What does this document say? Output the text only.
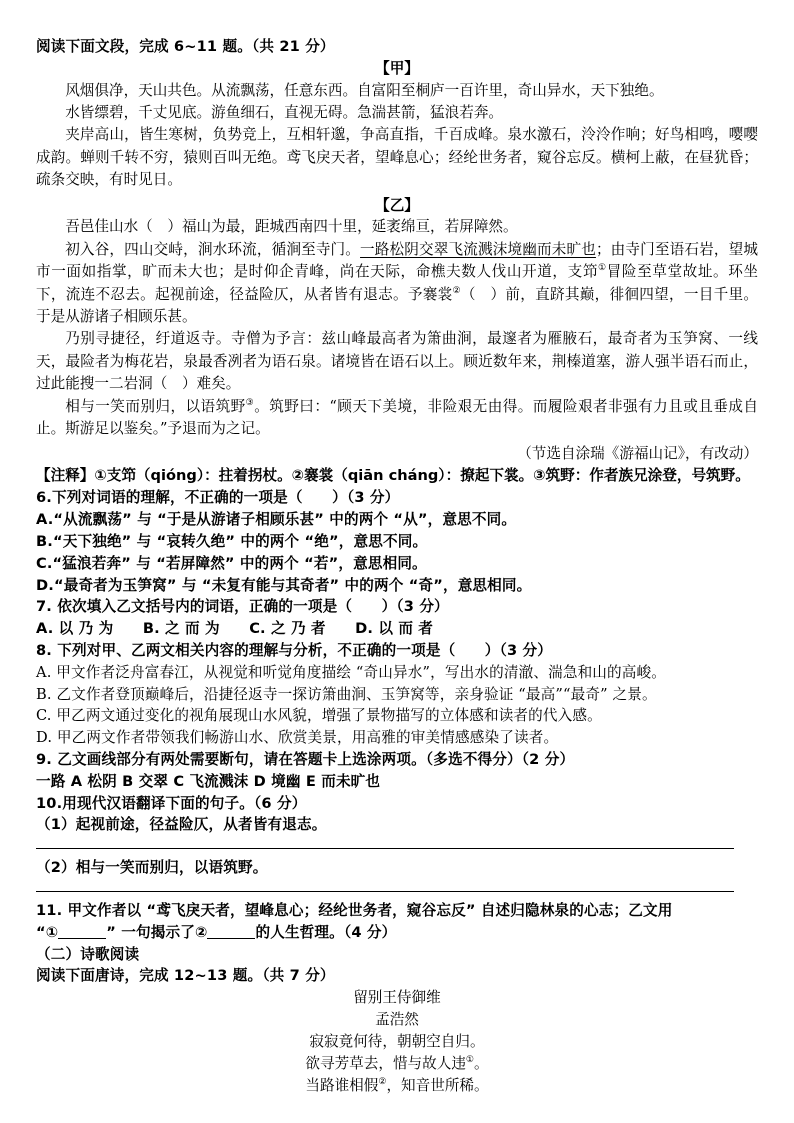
阅读下面文段，完成 6~11 题。（共 21 分）

【甲】

风烟俱净，天山共色。从流飘荡，任意东西。自富阳至桐庐一百许里，奇山异水，天下独绝。

水皆缥碧，千丈见底。游鱼细石，直视无碍。急湍甚箭，猛浪若奔。

夹岸高山，皆生寒树，负势竞上，互相轩邈，争高直指，千百成峰。泉水激石，泠泠作响；好鸟相鸣，嘤嘤成韵。蝉则千转不穷，猿则百叫无绝。鸢飞戾天者，望峰息心；经纶世务者，窥谷忘反。横柯上蔽，在昼犹昏；疏条交映，有时见日。

【乙】

吾邑佳山水（　）福山为最，距城西南四十里，延袤绵亘，若屏障然。

初入谷，四山交峙，涧水环流，循涧至寺门。一路松阴交翠飞流溅沫境幽而未旷也；由寺门至语石岩，望城市一面如指掌，旷而未大也；是时仰企青峰，尚在天际，命樵夫数人伐山开道，支笻①冒险至草堂故址。环坐下，流连不忍去。起视前途，径益险仄，从者皆有退志。予褰裳②（　）前，直跻其巅，徘徊四望，一目千里。于是从游诸子相顾乐甚。

乃别寻捷径，纡道返寺。寺僧为予言：兹山峰最高者为箫曲涧，最邃者为雁腋石，最奇者为玉笋窝、一线天，最险者为梅花岩，泉最香冽者为语石泉。诸境皆在语石以上。顾近数年来，荆榛道塞，游人强半语石而止，过此能搜一二岩洞（　）难矣。

相与一笑而别归，以语筑野③。筑野曰：“顾天下美境，非险艰无由得。而履险艰者非强有力且或且垂成自止。斯游足以鉴矣。”予退而为之记。

（节选自涂瑞《游福山记》，有改动）

【注释】①支笻（qióng）：拄着拐杖。②褰裳（qiān cháng）：撩起下裳。③筑野：作者族兄涂登，号筑野。

6.下列对词语的理解，不正确的一项是（　　）（3 分）

A.“从流飘荡” 与 “于是从游诸子相顾乐甚” 中的两个 “从”，意思不同。

B.“天下独绝” 与 “哀转久绝” 中的两个 “绝”，意思不同。

C.“猛浪若奔” 与 “若屏障然” 中的两个 “若”，意思相同。

D.“最奇者为玉笋窝” 与 “未复有能与其奇者” 中的两个 “奇”，意思相同。

7. 依次填入乙文括号内的词语，正确的一项是（　　）（3 分）

A. 以 乃 为　　B. 之 而 为　　C. 之 乃 者　　D. 以 而 者

8. 下列对甲、乙两文相关内容的理解与分析，不正确的一项是（　　）（3 分）

A. 甲文作者泛舟富春江，从视觉和听觉角度描绘 “奇山异水”，写出水的清澈、湍急和山的高峻。

B. 乙文作者登顶巅峰后，沿捷径返寺一探访箫曲涧、玉笋窝等，亲身验证 “最高”“最奇” 之景。

C. 甲乙两文通过变化的视角展现山水风貌，增强了景物描写的立体感和读者的代入感。

D. 甲乙两文作者带领我们畅游山水、欣赏美景，用高雅的审美情感感染了读者。

9. 乙文画线部分有两处需要断句，请在答题卡上选涂两项。（多选不得分）（2 分）

一路 A 松阴 B 交翠 C 飞流溅沫 D 境幽 E 而未旷也

10.用现代汉语翻译下面的句子。（6 分）

（1）起视前途，径益险仄，从者皆有退志。

（2）相与一笑而别归，以语筑野。

11. 甲文作者以 “鸢飞戾天者，望峰息心；经纶世务者，窥谷忘反” 自述归隐林泉的心志；乙文用

“①	” 一句揭示了②	的人生哲理。（4 分）

（二）诗歌阅读

阅读下面唐诗，完成 12~13 题。（共 7 分）

留别王侍御维

孟浩然

寂寂竟何待，朝朝空自归。

欲寻芳草去，惜与故人违①。

当路谁相假②，知音世所稀。
